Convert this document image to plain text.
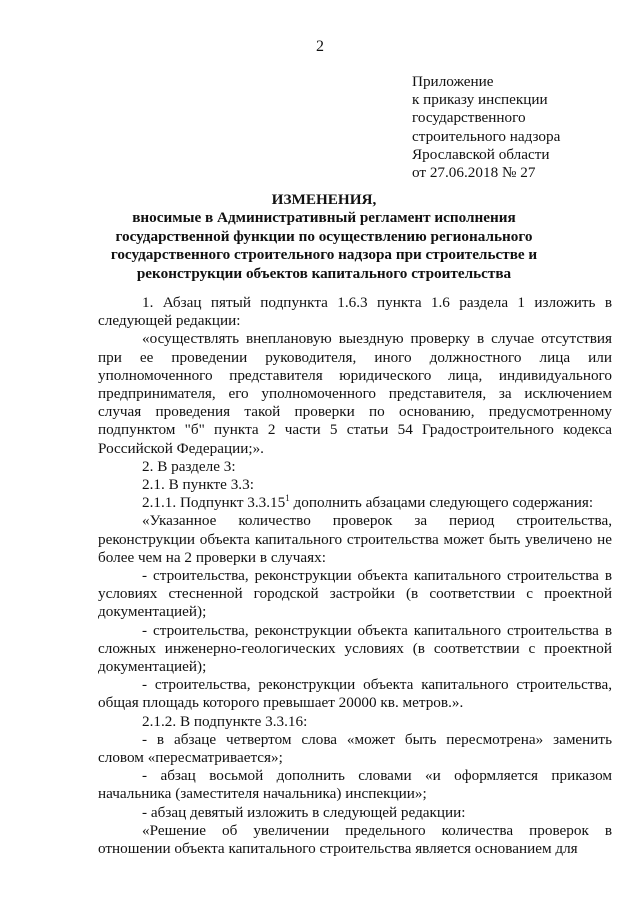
2
Приложение
к приказу инспекции
государственного
строительного надзора
Ярославской области
от 27.06.2018 № 27
ИЗМЕНЕНИЯ,
вносимые в Административный регламент исполнения государственной функции по осуществлению регионального государственного строительного надзора при строительстве и реконструкции объектов капитального строительства

1. Абзац пятый подпункта 1.6.3 пункта 1.6 раздела 1 изложить в следующей редакции:

«осуществлять внеплановую выездную проверку в случае отсутствия при ее проведении руководителя, иного должностного лица или уполномоченного представителя юридического лица, индивидуального предпринимателя, его уполномоченного представителя, за исключением случая проведения такой проверки по основанию, предусмотренному подпунктом "б" пункта 2 части 5 статьи 54 Градостроительного кодекса Российской Федерации;».

2. В разделе 3:

2.1. В пункте 3.3:

2.1.1. Подпункт 3.3.15$^1$ дополнить абзацами следующего содержания:

«Указанное количество проверок за период строительства, реконструкции объекта капитального строительства может быть увеличено не более чем на 2 проверки в случаях:

- строительства, реконструкции объекта капитального строительства в условиях стесненной городской застройки (в соответствии с проектной документацией);

- строительства, реконструкции объекта капитального строительства в сложных инженерно-геологических условиях (в соответствии с проектной документацией);

- строительства, реконструкции объекта капитального строительства, общая площадь которого превышает 20000 кв. метров.».

2.1.2. В подпункте 3.3.16:

- в абзаце четвертом слова «может быть пересмотрена» заменить словом «пересматривается»;

- абзац восьмой дополнить словами «и оформляется приказом начальника (заместителя начальника) инспекции»;

- абзац девятый изложить в следующей редакции:

«Решение об увеличении предельного количества проверок в отношении объекта капитального строительства является основанием для
